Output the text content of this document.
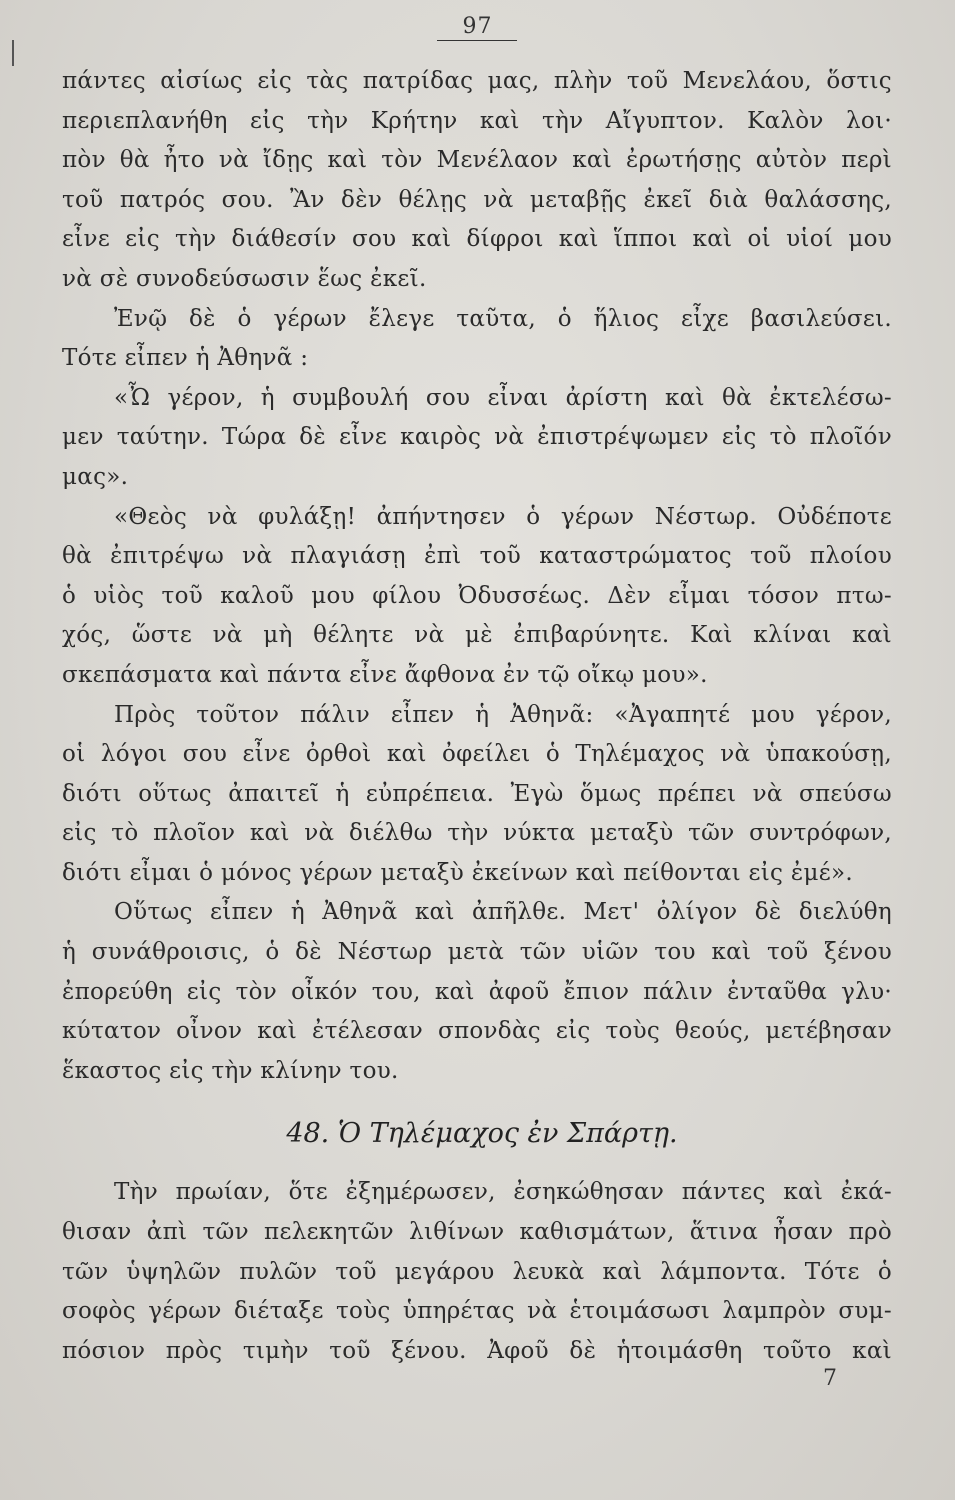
97
πάντες αἰσίως εἰς τὰς πατρίδας μας, πλὴν τοῦ Μενελάου, ὅστις
περιεπλανήθη εἰς τὴν Κρήτην καὶ τὴν Αἴγυπτον. Καλὸν λοι·
πὸν θὰ ἦτο νὰ ἴδῃς καὶ τὸν Μενέλαον καὶ ἐρωτήσῃς αὐτὸν περὶ
τοῦ πατρός σου. Ἂν δὲν θέλῃς νὰ μεταβῇς ἐκεῖ διὰ θαλάσσης,
εἶνε εἰς τὴν διάθεσίν σου καὶ δίφροι καὶ ἵπποι καὶ οἱ υἱοί μου
νὰ σὲ συνοδεύσωσιν ἕως ἐκεῖ.
Ἐνῷ δὲ ὁ γέρων ἔλεγε ταῦτα, ὁ ἥλιος εἶχε βασιλεύσει.
Τότε εἶπεν ἡ Ἀθηνᾶ :
«Ὦ γέρον, ἡ συμβουλή σου εἶναι ἀρίστη καὶ θὰ ἐκτελέσω-
μεν ταύτην. Τώρα δὲ εἶνε καιρὸς νὰ ἐπιστρέψωμεν εἰς τὸ πλοῖόν
μας».
«Θεὸς νὰ φυλάξῃ! ἀπήντησεν ὁ γέρων Νέστωρ. Οὐδέποτε
θὰ ἐπιτρέψω νὰ πλαγιάσῃ ἐπὶ τοῦ καταστρώματος τοῦ πλοίου
ὁ υἱὸς τοῦ καλοῦ μου φίλου Ὀδυσσέως. Δὲν εἶμαι τόσον πτω-
χός, ὥστε νὰ μὴ θέλητε νὰ μὲ ἐπιβαρύνητε. Καὶ κλίναι καὶ
σκεπάσματα καὶ πάντα εἶνε ἄφθονα ἐν τῷ οἴκῳ μου».
Πρὸς τοῦτον πάλιν εἶπεν ἡ Ἀθηνᾶ: «Ἀγαπητέ μου γέρον,
οἱ λόγοι σου εἶνε ὀρθοὶ καὶ ὀφείλει ὁ Τηλέμαχος νὰ ὑπακούσῃ,
διότι οὕτως ἀπαιτεῖ ἡ εὐπρέπεια. Ἐγὼ ὅμως πρέπει νὰ σπεύσω
εἰς τὸ πλοῖον καὶ νὰ διέλθω τὴν νύκτα μεταξὺ τῶν συντρόφων,
διότι εἶμαι ὁ μόνος γέρων μεταξὺ ἐκείνων καὶ πείθονται εἰς ἐμέ».
Οὕτως εἶπεν ἡ Ἀθηνᾶ καὶ ἀπῆλθε. Μετ' ὀλίγον δὲ διελύθη
ἡ συνάθροισις, ὁ δὲ Νέστωρ μετὰ τῶν υἱῶν του καὶ τοῦ ξένου
ἐπορεύθη εἰς τὸν οἶκόν του, καὶ ἀφοῦ ἔπιον πάλιν ἐνταῦθα γλυ·
κύτατον οἶνον καὶ ἐτέλεσαν σπονδὰς εἰς τοὺς θεούς, μετέβησαν
ἕκαστος εἰς τὴν κλίνην του.
48. Ὁ Τηλέμαχος ἐν Σπάρτῃ.
Τὴν πρωίαν, ὅτε ἐξημέρωσεν, ἐσηκώθησαν πάντες καὶ ἐκά-
θισαν ἀπὶ τῶν πελεκητῶν λιθίνων καθισμάτων, ἅτινα ἦσαν πρὸ
τῶν ὑψηλῶν πυλῶν τοῦ μεγάρου λευκὰ καὶ λάμποντα. Τότε ὁ
σοφὸς γέρων διέταξε τοὺς ὑπηρέτας νὰ ἑτοιμάσωσι λαμπρὸν συμ-
πόσιον πρὸς τιμὴν τοῦ ξένου. Ἀφοῦ δὲ ἡτοιμάσθη τοῦτο καὶ
7
